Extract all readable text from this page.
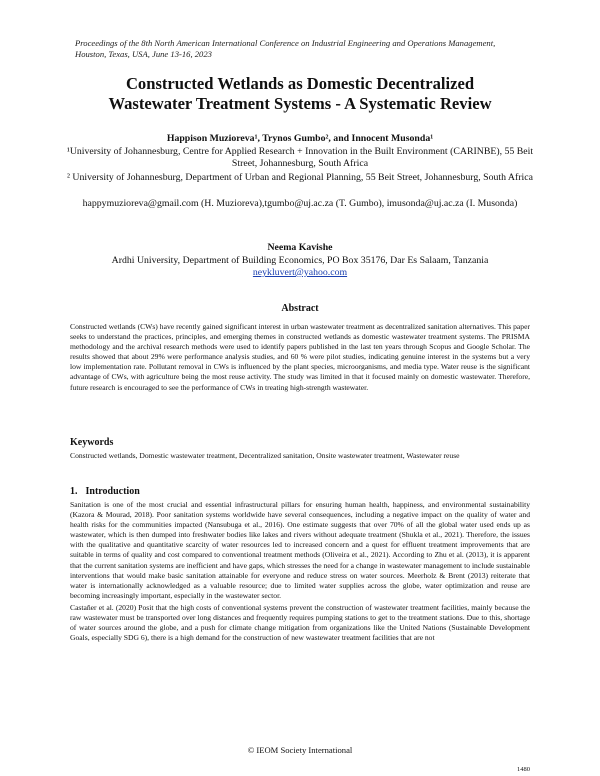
Proceedings of the 8th North American International Conference on Industrial Engineering and Operations Management, Houston, Texas, USA, June 13-16, 2023
Constructed Wetlands as Domestic Decentralized
Wastewater Treatment Systems - A Systematic Review
Happison Muzioreva¹, Trynos Gumbo², and Innocent Musonda¹
¹University of Johannesburg, Centre for Applied Research + Innovation in the Built Environment (CARINBE), 55 Beit Street, Johannesburg, South Africa
² University of Johannesburg, Department of Urban and Regional Planning, 55 Beit Street, Johannesburg, South Africa
happymuzioreva@gmail.com (H. Muzioreva),tgumbo@uj.ac.za (T. Gumbo), imusonda@uj.ac.za (I. Musonda)
Neema Kavishe
Ardhi University, Department of Building Economics, PO Box 35176, Dar Es Salaam, Tanzania
neykluvert@yahoo.com
Abstract
Constructed wetlands (CWs) have recently gained significant interest in urban wastewater treatment as decentralized sanitation alternatives. This paper seeks to understand the practices, principles, and emerging themes in constructed wetlands as domestic wastewater treatment systems. The PRISMA methodology and the archival research methods were used to identify papers published in the last ten years through Scopus and Google Scholar. The results showed that about 29% were performance analysis studies, and 60 % were pilot studies, indicating genuine interest in the systems but a very low implementation rate. Pollutant removal in CWs is influenced by the plant species, microorganisms, and media type. Water reuse is the significant advantage of CWs, with agriculture being the most reuse activity. The study was limited in that it focused mainly on domestic wastewater. Therefore, future research is encouraged to see the performance of CWs in treating high-strength wastewater.
Keywords
Constructed wetlands, Domestic wastewater treatment, Decentralized sanitation, Onsite wastewater treatment, Wastewater reuse
1. Introduction

Sanitation is one of the most crucial and essential infrastructural pillars for ensuring human health, happiness, and environmental sustainability (Kazora & Mourad, 2018). Poor sanitation systems worldwide have several consequences, including a negative impact on the quality of water and health risks for the communities impacted (Nansubuga et al., 2016). One estimate suggests that over 70% of all the global water used ends up as wastewater, which is then dumped into freshwater bodies like lakes and rivers without adequate treatment (Shukla et al., 2021). Therefore, the issues with the qualitative and quantitative scarcity of water resources led to increased concern and a quest for effluent treatment improvements that are suitable in terms of quality and cost compared to conventional treatment methods (Oliveira et al., 2021). According to Zhu et al. (2013), it is apparent that the current sanitation systems are inefficient and have gaps, which stresses the need for a change in wastewater management to include sustainable interventions that would make basic sanitation attainable for everyone and reduce stress on water sources. Meerholz & Brent (2013) reiterate that water is internationally acknowledged as a valuable resource; due to limited water supplies across the globe, water optimization and reuse are becoming increasingly important, especially in the wastewater sector.

Castañer et al. (2020) Posit that the high costs of conventional systems prevent the construction of wastewater treatment facilities, mainly because the raw wastewater must be transported over long distances and frequently requires pumping stations to get to the treatment stations. Due to this, shortage of water sources around the globe, and a push for climate change mitigation from organizations like the United Nations (Sustainable Development Goals, especially SDG 6), there is a high demand for the construction of new wastewater treatment facilities that are not

© IEOM Society International
1480
